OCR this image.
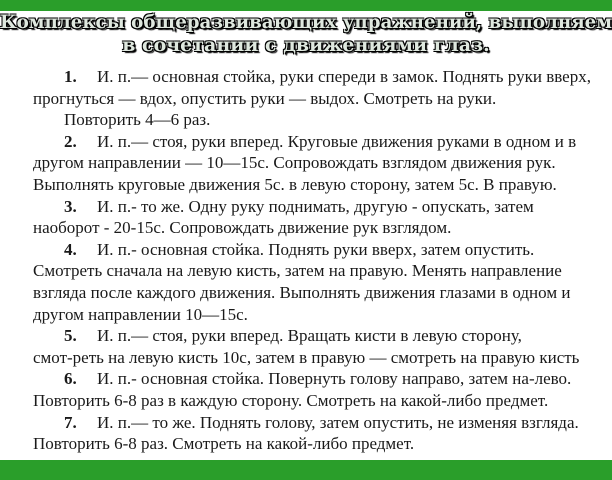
Комплексы общеразвивающих упражнений, выполняем
в сочетании с движениями глаз.
1. И. п.— основная стойка, руки спереди в замок. Поднять руки вверх,
прогнуться — вдох, опустить руки — выдох. Смотреть на руки.
Повторить 4—6 раз.
2. И. п.— стоя, руки вперед. Круговые движения руками в одном и в
другом направлении — 10—15с. Сопровождать взглядом движения рук.
Выполнять круговые движения 5с. в левую сторону, затем 5с. В правую.
3. И. п.- то же. Одну руку поднимать, другую - опускать, затем
наоборот - 20-15с. Сопровождать движение рук взглядом.
4. И. п.- основная стойка. Поднять руки вверх, затем опустить.
Смотреть сначала на левую кисть, затем на правую. Менять направление
взгляда после каждого движения. Выполнять движения глазами в одном и
другом направлении 10—15с.
5. И. п.— стоя, руки вперед. Вращать кисти в левую сторону,
смот-реть на левую кисть 10с, затем в правую — смотреть на правую кисть
6. И. п.- основная стойка. Повернуть голову направо, затем на-лево.
Повторить 6-8 раз в каждую сторону. Смотреть на какой-либо предмет.
7. И. п.— то же. Поднять голову, затем опустить, не изменяя взгляда.
Повторить 6-8 раз. Смотреть на какой-либо предмет.
